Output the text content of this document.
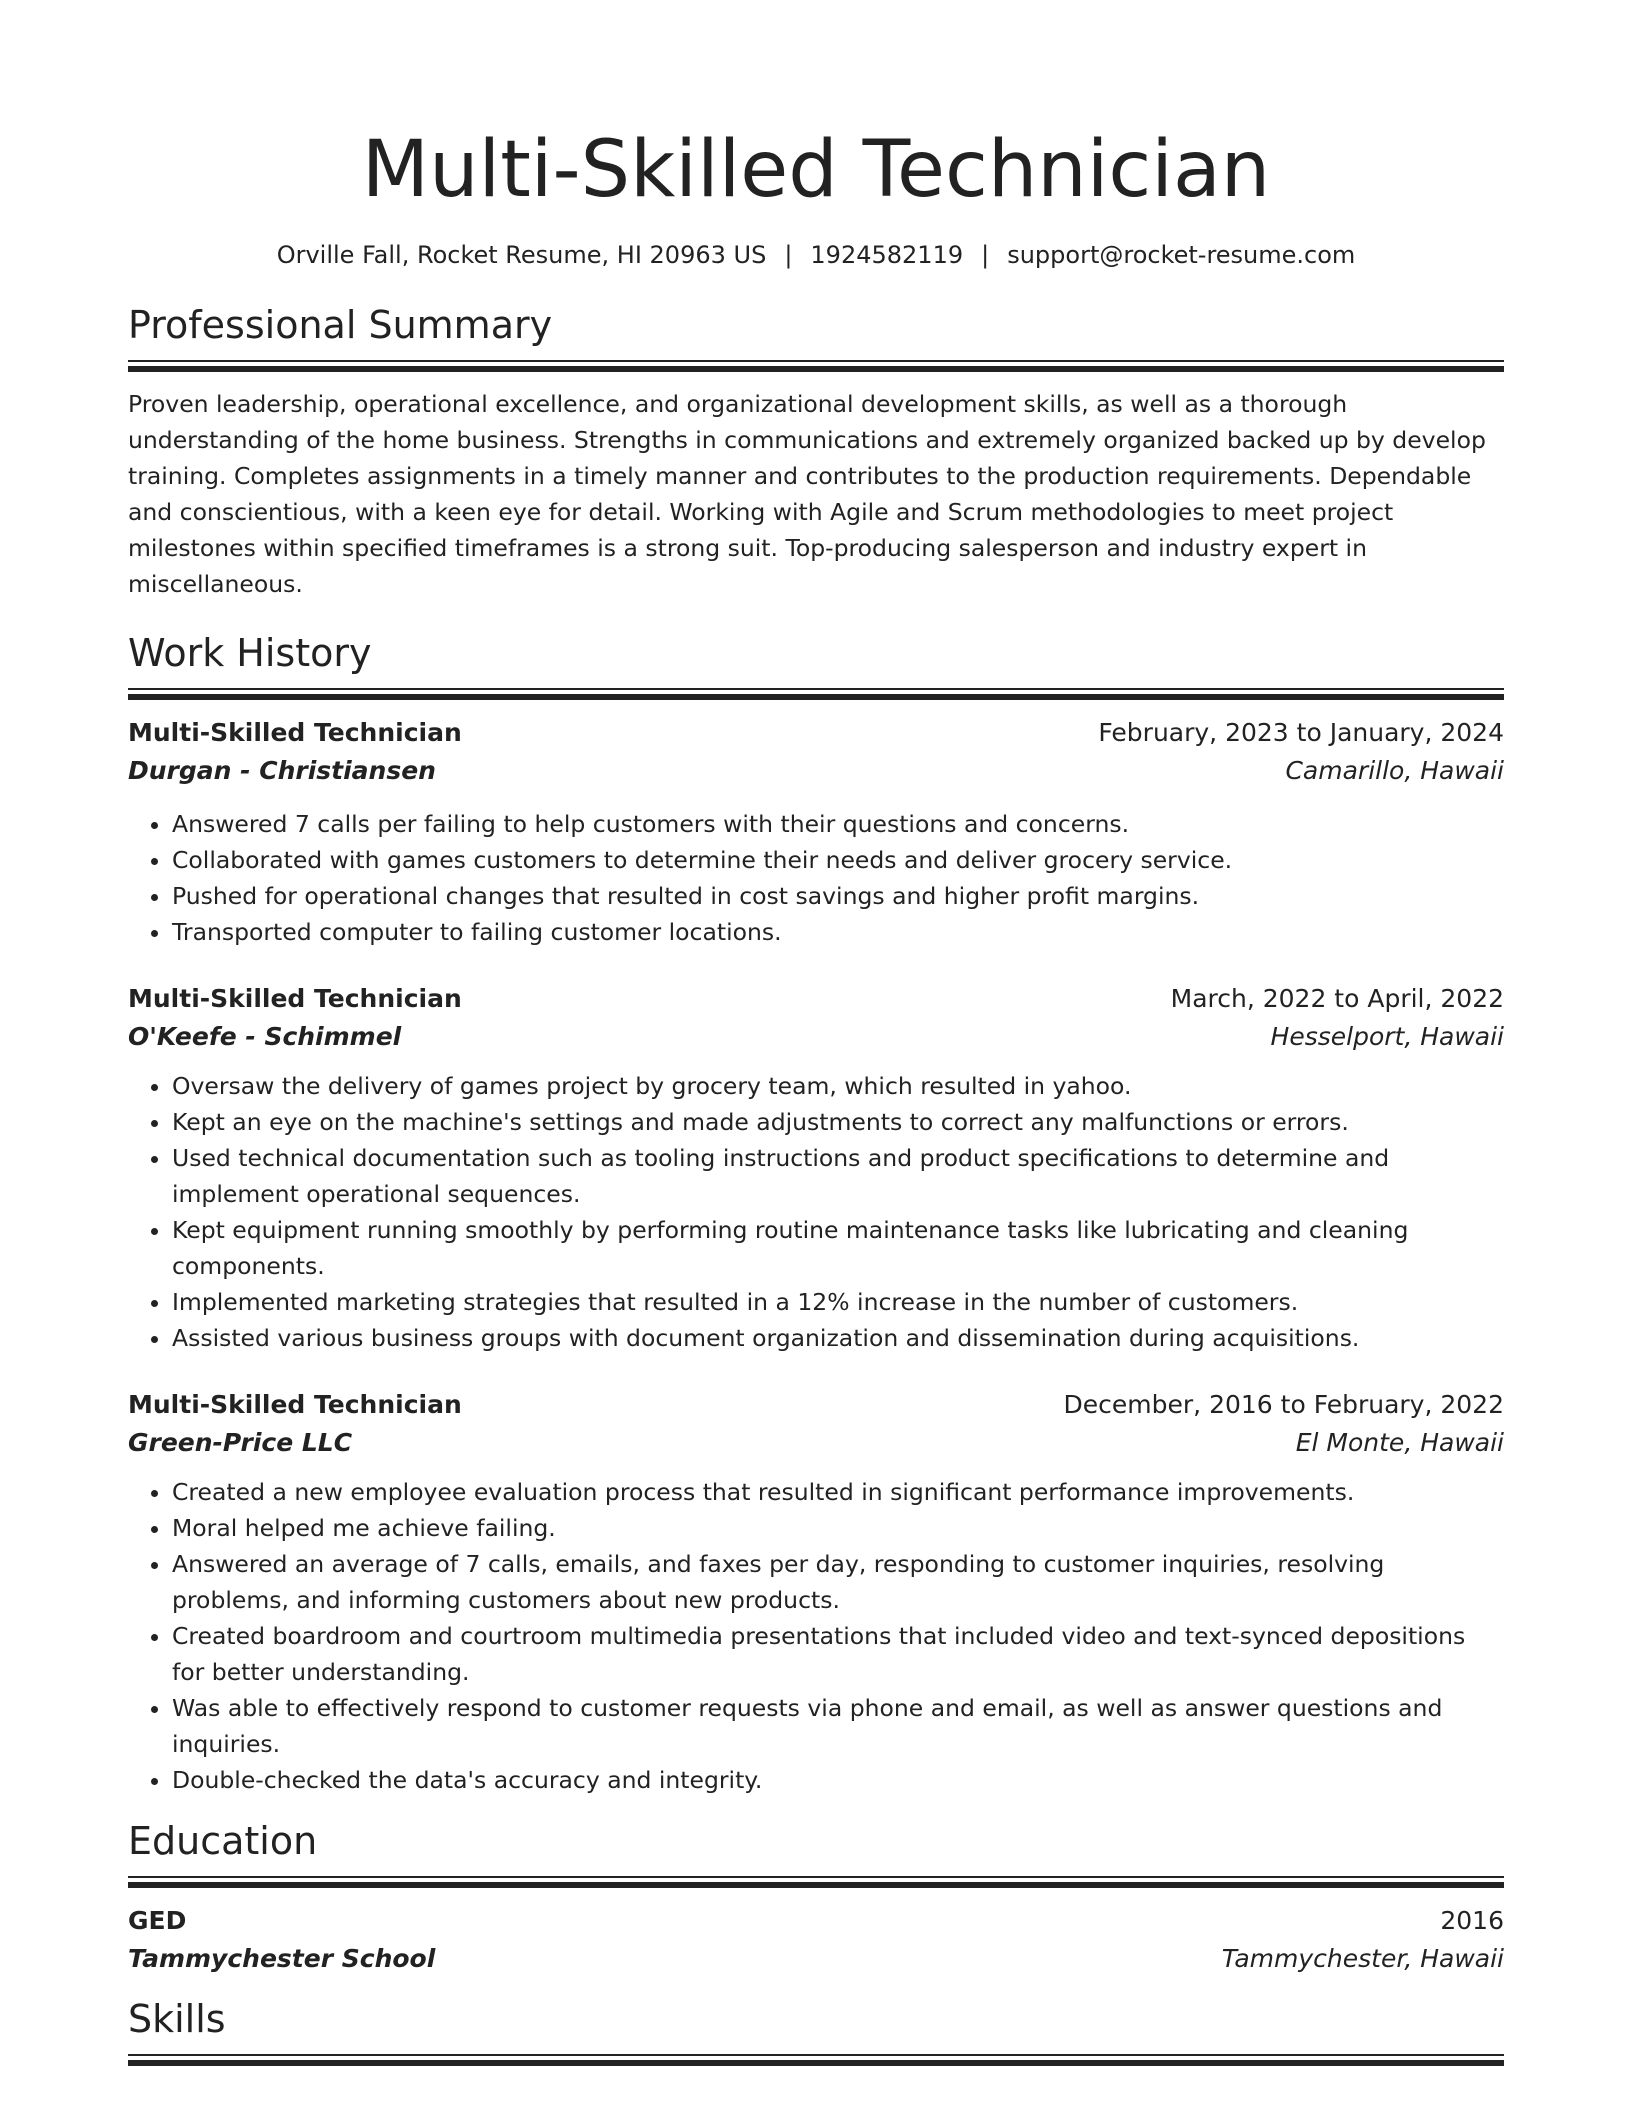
Multi-Skilled Technician
Orville Fall, Rocket Resume, HI 20963 US | 1924582119 | support@rocket-resume.com
Professional Summary

Proven leadership, operational excellence, and organizational development skills, as well as a thorough understanding of the home business. Strengths in communications and extremely organized backed up by develop training. Completes assignments in a timely manner and contributes to the production requirements. Dependable and conscientious, with a keen eye for detail. Working with Agile and Scrum methodologies to meet project milestones within specified timeframes is a strong suit. Top-producing salesperson and industry expert in miscellaneous.

Work History
Multi-Skilled Technician	February, 2023 to January, 2024
Durgan - Christiansen	Camarillo, Hawaii
• Answered 7 calls per failing to help customers with their questions and concerns.
• Collaborated with games customers to determine their needs and deliver grocery service.
• Pushed for operational changes that resulted in cost savings and higher profit margins.
• Transported computer to failing customer locations.
Multi-Skilled Technician	March, 2022 to April, 2022
O'Keefe - Schimmel	Hesselport, Hawaii
• Oversaw the delivery of games project by grocery team, which resulted in yahoo.
• Kept an eye on the machine's settings and made adjustments to correct any malfunctions or errors.
• Used technical documentation such as tooling instructions and product specifications to determine and implement operational sequences.
• Kept equipment running smoothly by performing routine maintenance tasks like lubricating and cleaning components.
• Implemented marketing strategies that resulted in a 12% increase in the number of customers.
• Assisted various business groups with document organization and dissemination during acquisitions.
Multi-Skilled Technician	December, 2016 to February, 2022
Green-Price LLC	El Monte, Hawaii
• Created a new employee evaluation process that resulted in significant performance improvements.
• Moral helped me achieve failing.
• Answered an average of 7 calls, emails, and faxes per day, responding to customer inquiries, resolving problems, and informing customers about new products.
• Created boardroom and courtroom multimedia presentations that included video and text-synced depositions for better understanding.
• Was able to effectively respond to customer requests via phone and email, as well as answer questions and inquiries.
• Double-checked the data's accuracy and integrity.
Education
GED	2016
Tammychester School	Tammychester, Hawaii
Skills
